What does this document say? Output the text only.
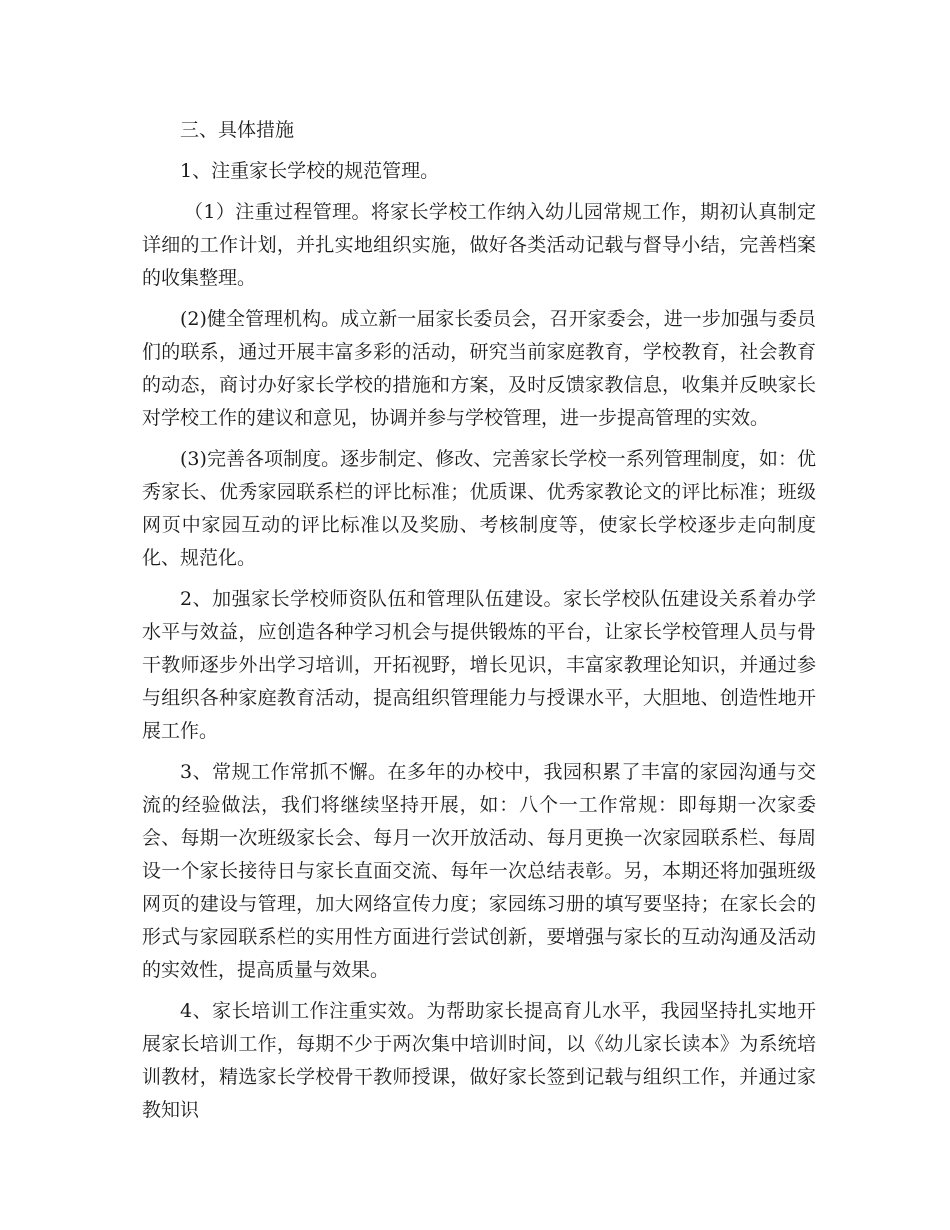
三、具体措施

1、注重家长学校的规范管理。

（1）注重过程管理。将家长学校工作纳入幼儿园常规工作，期初认真制定详细的工作计划，并扎实地组织实施，做好各类活动记载与督导小结，完善档案的收集整理。

(2)健全管理机构。成立新一届家长委员会，召开家委会，进一步加强与委员们的联系，通过开展丰富多彩的活动，研究当前家庭教育，学校教育，社会教育的动态，商讨办好家长学校的措施和方案，及时反馈家教信息，收集并反映家长对学校工作的建议和意见，协调并参与学校管理，进一步提高管理的实效。

(3)完善各项制度。逐步制定、修改、完善家长学校一系列管理制度，如：优秀家长、优秀家园联系栏的评比标准；优质课、优秀家教论文的评比标准；班级网页中家园互动的评比标准以及奖励、考核制度等，使家长学校逐步走向制度化、规范化。

2、加强家长学校师资队伍和管理队伍建设。家长学校队伍建设关系着办学水平与效益，应创造各种学习机会与提供锻炼的平台，让家长学校管理人员与骨干教师逐步外出学习培训，开拓视野，增长见识，丰富家教理论知识，并通过参与组织各种家庭教育活动，提高组织管理能力与授课水平，大胆地、创造性地开展工作。

3、常规工作常抓不懈。在多年的办校中，我园积累了丰富的家园沟通与交流的经验做法，我们将继续坚持开展，如：八个一工作常规：即每期一次家委会、每期一次班级家长会、每月一次开放活动、每月更换一次家园联系栏、每周设一个家长接待日与家长直面交流、每年一次总结表彰。另，本期还将加强班级网页的建设与管理，加大网络宣传力度；家园练习册的填写要坚持；在家长会的形式与家园联系栏的实用性方面进行尝试创新，要增强与家长的互动沟通及活动的实效性，提高质量与效果。

4、家长培训工作注重实效。为帮助家长提高育儿水平，我园坚持扎实地开展家长培训工作，每期不少于两次集中培训时间，以《幼儿家长读本》为系统培训教材，精选家长学校骨干教师授课，做好家长签到记载与组织工作，并通过家教知识
